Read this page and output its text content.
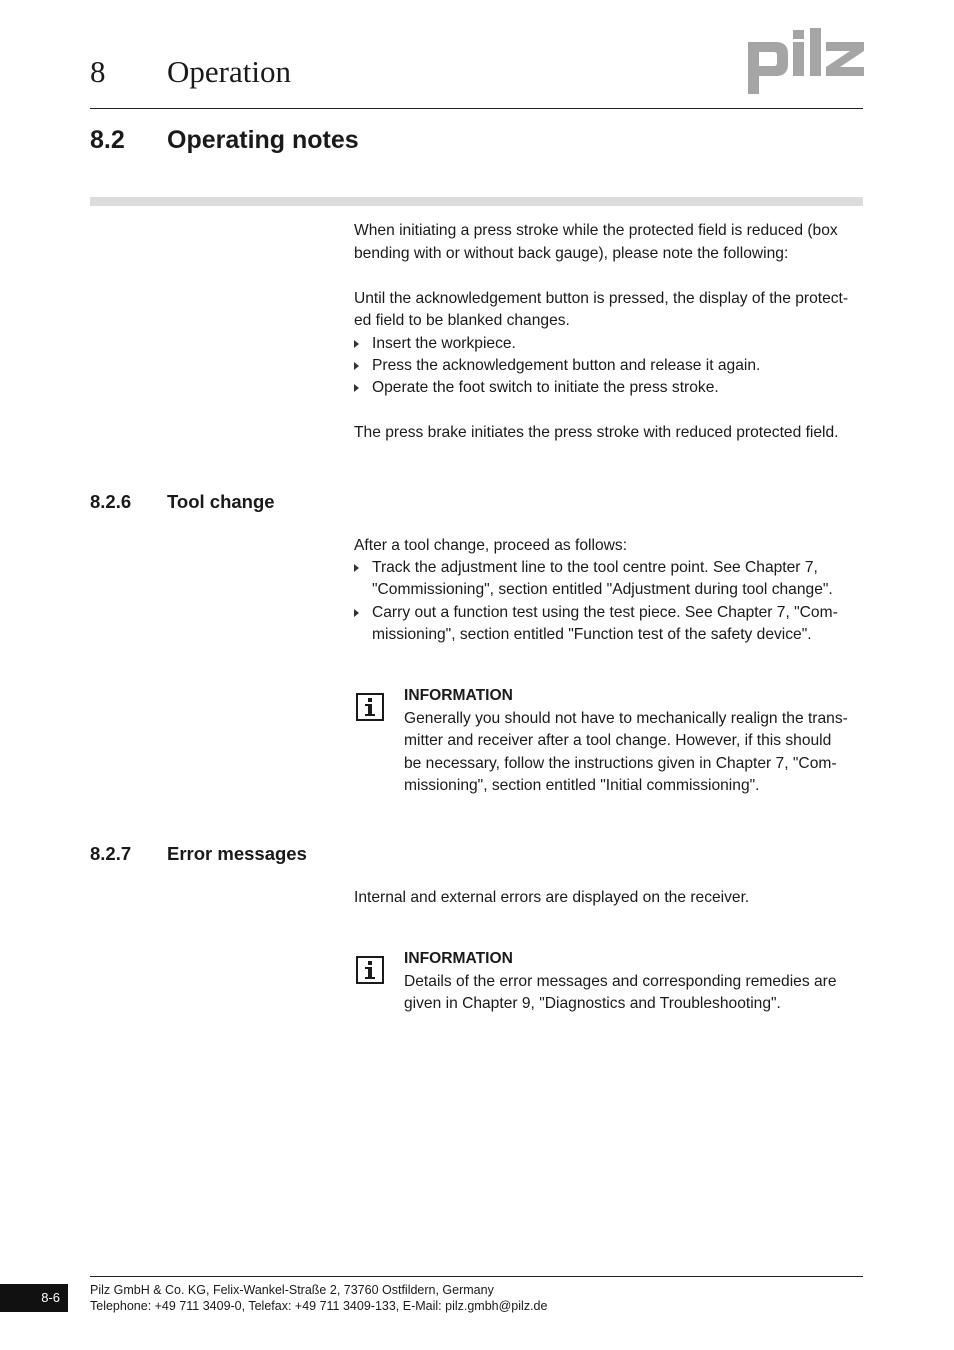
8 Operation
8.2 Operating notes
When initiating a press stroke while the protected field is reduced (box
bending with or without back gauge), please note the following:
Until the acknowledgement button is pressed, the display of the protect-
ed field to be blanked changes.
Insert the workpiece.
Press the acknowledgement button and release it again.
Operate the foot switch to initiate the press stroke.
The press brake initiates the press stroke with reduced protected field.
8.2.6 Tool change
After a tool change, proceed as follows:
Track the adjustment line to the tool centre point. See Chapter 7,
"Commissioning", section entitled "Adjustment during tool change".
Carry out a function test using the test piece. See Chapter 7, "Com-
missioning", section entitled "Function test of the safety device".
INFORMATION
Generally you should not have to mechanically realign the trans-
mitter and receiver after a tool change. However, if this should
be necessary, follow the instructions given in Chapter 7, "Com-
missioning", section entitled "Initial commissioning".
8.2.7 Error messages
Internal and external errors are displayed on the receiver.
INFORMATION
Details of the error messages and corresponding remedies are
given in Chapter 9, "Diagnostics and Troubleshooting".
8-6	Pilz GmbH & Co. KG, Felix-Wankel-Straße 2, 73760 Ostfildern, Germany
Telephone: +49 711 3409-0, Telefax: +49 711 3409-133, E-Mail: pilz.gmbh@pilz.de
